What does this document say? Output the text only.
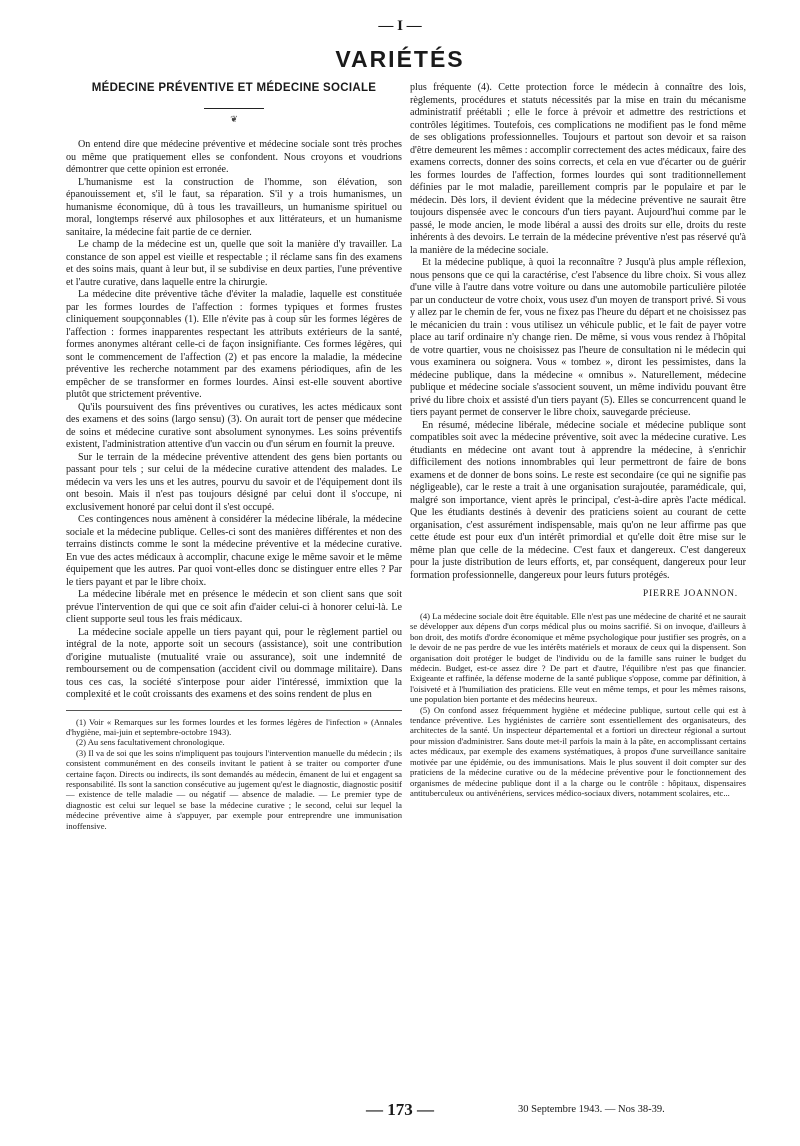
— I —
VARIÉTÉS
MÉDECINE PRÉVENTIVE ET MÉDECINE SOCIALE
❦

On entend dire que médecine préventive et médecine sociale sont très proches ou même que pratiquement elles se confondent. Nous croyons et voudrions démontrer que cette opinion est erronée.

L'humanisme est la construction de l'homme, son élévation, son épanouissement et, s'il le faut, sa réparation. S'il y a trois humanismes, un humanisme économique, dû à tous les travailleurs, un humanisme spirituel ou moral, longtemps réservé aux philosophes et aux littérateurs, et un humanisme sanitaire, la médecine fait partie de ce dernier.

Le champ de la médecine est un, quelle que soit la manière d'y travailler. La constance de son appel est vieille et respectable ; il réclame sans fin des examens et des soins mais, quant à leur but, il se subdivise en deux parties, l'une préventive et l'autre curative, dans laquelle entre la chirurgie.

La médecine dite préventive tâche d'éviter la maladie, laquelle est constituée par les formes lourdes de l'affection : formes typiques et formes frustes cliniquement soupçonnables (1). Elle n'évite pas à coup sûr les formes légères de l'affection : formes inapparentes respectant les attributs extérieurs de la santé, formes anonymes altérant celle-ci de façon insignifiante. Ces formes légères, qui sont le commencement de l'affection (2) et pas encore la maladie, la médecine préventive les recherche notamment par des examens périodiques, afin de les empêcher de se transformer en formes lourdes. Ainsi est-elle souvent abortive plutôt que strictement préventive.

Qu'ils poursuivent des fins préventives ou curatives, les actes médicaux sont des examens et des soins (largo sensu) (3). On aurait tort de penser que médecine de soins et médecine curative sont absolument synonymes. Les soins préventifs existent, l'administration attentive d'un vaccin ou d'un sérum en fournit la preuve.

Sur le terrain de la médecine préventive attendent des gens bien portants ou passant pour tels ; sur celui de la médecine curative attendent des malades. Le médecin va vers les uns et les autres, pourvu du savoir et de l'équipement dont ils ont besoin. Mais il n'est pas toujours désigné par celui dont il s'occupe, ni exclusivement honoré par celui dont il s'est occupé.

Ces contingences nous amènent à considérer la médecine libérale, la médecine sociale et la médecine publique. Celles-ci sont des manières différentes et non des terrains distincts comme le sont la médecine préventive et la médecine curative. En vue des actes médicaux à accomplir, chacune exige le même savoir et le même équipement que les autres. Par quoi vont-elles donc se distinguer entre elles ? Par le tiers payant et par le libre choix.

La médecine libérale met en présence le médecin et son client sans que soit prévue l'intervention de qui que ce soit afin d'aider celui-ci à honorer celui-là. Le client supporte seul tous les frais médicaux.

La médecine sociale appelle un tiers payant qui, pour le règlement partiel ou intégral de la note, apporte soit un secours (assistance), soit une contribution d'origine mutualiste (mutualité vraie ou assurance), soit une indemnité de remboursement ou de compensation (accident civil ou dommage militaire). Dans tous ces cas, la société s'interpose pour aider l'intéressé, immixtion que la complexité et le coût croissants des examens et des soins rendent de plus en

(1) Voir « Remarques sur les formes lourdes et les formes légères de l'infection » (Annales d'hygiène, mai-juin et septembre-octobre 1943).

(2) Au sens facultativement chronologique.

(3) Il va de soi que les soins n'impliquent pas toujours l'intervention manuelle du médecin ; ils consistent communément en des conseils invitant le patient à se traiter ou comporter d'une certaine façon. Directs ou indirects, ils sont demandés au médecin, émanent de lui et engagent sa responsabilité. Ils sont la sanction consécutive au jugement qu'est le diagnostic, diagnostic positif — existence de telle maladie — ou négatif — absence de maladie. — Le premier type de diagnostic est celui sur lequel se base la médecine curative ; le second, celui sur lequel la médecine préventive aime à s'appuyer, par exemple pour entreprendre une immunisation inoffensive.

plus fréquente (4). Cette protection force le médecin à connaître des lois, règlements, procédures et statuts nécessités par la mise en train du mécanisme administratif préétabli ; elle le force à prévoir et admettre des restrictions et contrôles légitimes. Toutefois, ces complications ne modifient pas le fond même de ses obligations professionnelles. Toujours et partout son devoir et sa raison d'être demeurent les mêmes : accomplir correctement des actes médicaux, faire des examens corrects, donner des soins corrects, et cela en vue d'écarter ou de guérir les formes lourdes de l'affection, formes lourdes qui sont traditionnellement définies par le mot maladie, pareillement compris par le populaire et par le médecin. Dès lors, il devient évident que la médecine préventive ne saurait être toujours dispensée avec le concours d'un tiers payant. Aujourd'hui comme par le passé, le mode ancien, le mode libéral a aussi des droits sur elle, droits du reste inhérents à des devoirs. Le terrain de la médecine préventive n'est pas réservé qu'à la manière de la médecine sociale.

Et la médecine publique, à quoi la reconnaître ? Jusqu'à plus ample réflexion, nous pensons que ce qui la caractérise, c'est l'absence du libre choix. Si vous allez d'une ville à l'autre dans votre voiture ou dans une automobile particulière pilotée par un conducteur de votre choix, vous usez d'un moyen de transport privé. Si vous y allez par le chemin de fer, vous ne fixez pas l'heure du départ et ne choisissez pas le mécanicien du train : vous utilisez un véhicule public, et le fait de payer votre place au tarif ordinaire n'y change rien. De même, si vous vous rendez à l'hôpital de votre quartier, vous ne choisissez pas l'heure de consultation ni le médecin qui vous examinera ou soignera. Vous « tombez », diront les pessimistes, dans la médecine publique, dans la médecine « omnibus ». Naturellement, médecine publique et médecine sociale s'associent souvent, un même individu pouvant être privé du libre choix et assisté d'un tiers payant (5). Elles se concurrencent quand le tiers payant permet de conserver le libre choix, sauvegarde précieuse.

En résumé, médecine libérale, médecine sociale et médecine publique sont compatibles soit avec la médecine préventive, soit avec la médecine curative. Les étudiants en médecine ont avant tout à apprendre la médecine, à s'enrichir difficilement des notions innombrables qui leur permettront de faire de bons examens et de donner de bons soins. Le reste est secondaire (ce qui ne signifie pas négligeable), car le reste a trait à une organisation surajoutée, paramédicale, qui, malgré son importance, vient après le principal, c'est-à-dire après l'acte médical. Que les étudiants destinés à devenir des praticiens soient au courant de cette organisation, c'est assurément indispensable, mais qu'on ne leur affirme pas que cette étude est pour eux d'un intérêt primordial et qu'elle doit être mise sur le même plan que celle de la médecine. C'est faux et dangereux. C'est dangereux pour la juste distribution de leurs efforts, et, par conséquent, dangereux pour leur formation professionnelle, dangereux pour leurs futurs protégés.

PIERRE JOANNON.

(4) La médecine sociale doit être équitable. Elle n'est pas une médecine de charité et ne saurait se développer aux dépens d'un corps médical plus ou moins sacrifié. Si on invoque, d'ailleurs à bon droit, des motifs d'ordre économique et même psychologique pour justifier ses progrès, on a le devoir de ne pas perdre de vue les intérêts matériels et moraux de ceux qui la dispensent. Son organisation doit protéger le budget de l'individu ou de la famille sans ruiner le budget du médecin. Budget, est-ce assez dire ? De part et d'autre, l'équilibre n'est pas que financier. Exigeante et raffinée, la défense moderne de la santé publique s'oppose, comme par définition, à l'oisiveté et à l'humiliation des praticiens. Elle veut en même temps, et pour les mêmes raisons, une population bien portante et des médecins heureux.

(5) On confond assez fréquemment hygiène et médecine publique, surtout celle qui est à tendance préventive. Les hygiénistes de carrière sont essentiellement des organisateurs, des architectes de la santé. Un inspecteur départemental et a fortiori un directeur régional a surtout pour mission d'administrer. Sans doute met-il parfois la main à la pâte, en accomplissant certains actes médicaux, par exemple des examens systématiques, à propos d'une surveillance sanitaire motivée par une épidémie, ou des immunisations. Mais le plus souvent il doit compter sur des praticiens de la médecine curative ou de la médecine préventive pour le fonctionnement des organismes de médecine publique dont il a la charge ou le contrôle : hôpitaux, dispensaires antituberculeux ou antivénériens, services médico-sociaux divers, notamment scolaires, etc...

— 173 —	30 Septembre 1943. — Nos 38-39.
